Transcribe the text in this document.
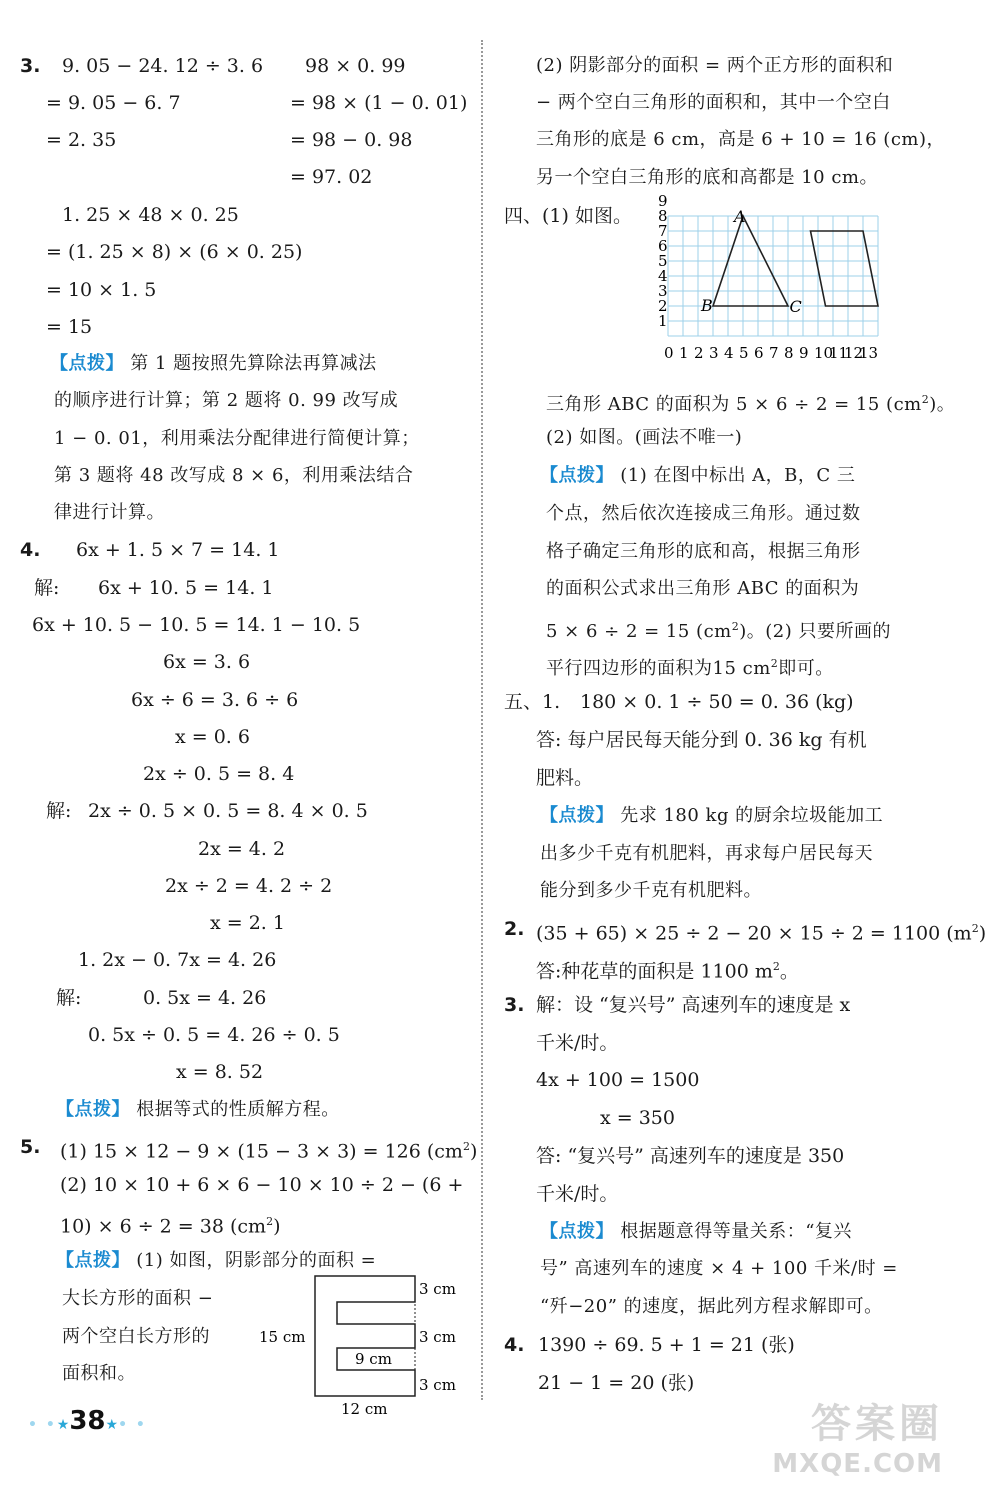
3. 9. 05 − 24. 12 ÷ 3. 6
= 9. 05 − 6. 7
= 2. 35
98 × 0. 99
= 98 × (1 − 0. 01)
= 98 − 0. 98
= 97. 02
1. 25 × 48 × 0. 25
= (1. 25 × 8) × (6 × 0. 25)
= 10 × 1. 5
= 15
【点拨】 第 1 题按照先算除法再算减法
的顺序进行计算；第 2 题将 0. 99 改写成
1 − 0. 01，利用乘法分配律进行简便计算；
第 3 题将 48 改写成 8 × 6，利用乘法结合
律进行计算。
4. 6x + 1. 5 × 7 = 14. 1
解: 6x + 10. 5 = 14. 1
6x + 10. 5 − 10. 5 = 14. 1 − 10. 5
6x = 3. 6
6x ÷ 6 = 3. 6 ÷ 6
x = 0. 6
2x ÷ 0. 5 = 8. 4
解: 2x ÷ 0. 5 × 0. 5 = 8. 4 × 0. 5
2x = 4. 2
2x ÷ 2 = 4. 2 ÷ 2
x = 2. 1
1. 2x − 0. 7x = 4. 26
解:	0. 5x = 4. 26
0. 5x ÷ 0. 5 = 4. 26 ÷ 0. 5
x = 8. 52
【点拨】 根据等式的性质解方程。
5. (1) 15 × 12 − 9 × (15 − 3 × 3) = 126 $(cm^2)$
(2) 10 × 10 + 6 × 6 − 10 × 10 ÷ 2 − (6 +
10) × 6 ÷ 2 = 38 $(cm^2)$
【点拨】 (1) 如图，阴影部分的面积 =
大长方形的面积 −
两个空白长方形的
面积和。
15 cm
12 cm
9 cm
3 cm
3 cm
3 cm
• •★38★• •
(2) 阴影部分的面积 = 两个正方形的面积和
− 两个空白三角形的面积和，其中一个空白
三角形的底是 6 cm，高是 6 + 10 = 16 (cm)，
另一个空白三角形的底和高都是 10 cm。
四、(1) 如图。
0 1 2 3 4 5 6 7 8 9 10
11
12
13
1
2
3
4
5
6
7
8
9
A
B	C
三角形 ABC 的面积为 5 × 6 ÷ 2 = 15 $(cm^2)$。
(2) 如图。(画法不唯一)
【点拨】 (1) 在图中标出 A，B，C 三
个点，然后依次连接成三角形。通过数
格子确定三角形的底和高，根据三角形
的面积公式求出三角形 ABC 的面积为
5 × 6 ÷ 2 = 15 $(cm^2)$。(2) 只要所画的
平行四边形的面积为15 $cm^2$即可。
五、1. 180 × 0. 1 ÷ 50 = 0. 36 (kg)
答: 每户居民每天能分到 0. 36 kg 有机
肥料。
【点拨】 先求 180 kg 的厨余垃圾能加工
出多少千克有机肥料，再求每户居民每天
能分到多少千克有机肥料。
2. (35 + 65) × 25 ÷ 2 − 20 × 15 ÷ 2 = 1100 $(m^2)$
答:种花草的面积是 1100 $m^2$。
3. 解：设 “复兴号” 高速列车的速度是 x
千米/时。
4x + 100 = 1500
x = 350
答: “复兴号” 高速列车的速度是 350
千米/时。
【点拨】 根据题意得等量关系：“复兴
号” 高速列车的速度 × 4 + 100 千米/时 =
“歼−20” 的速度，据此列方程求解即可。
4. 1390 ÷ 69. 5 + 1 = 21 (张)
21 − 1 = 20 (张)
答案圈
MXQE.COM
